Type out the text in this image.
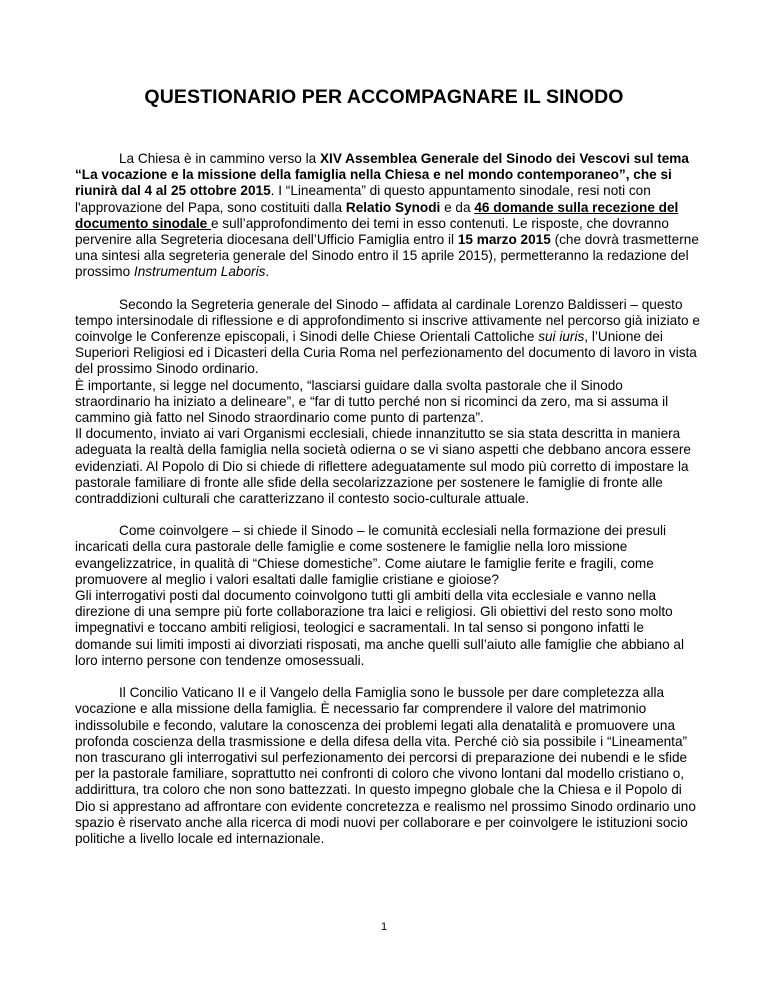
QUESTIONARIO PER ACCOMPAGNARE IL SINODO

La Chiesa è in cammino verso la XIV Assemblea Generale del Sinodo dei Vescovi sul tema “La vocazione e la missione della famiglia nella Chiesa e nel mondo contemporaneo”, che si riunirà dal 4 al 25 ottobre 2015. I “Lineamenta” di questo appuntamento sinodale, resi noti con l'approvazione del Papa, sono costituiti dalla Relatio Synodi e da 46 domande sulla recezione del documento sinodale e sull’approfondimento dei temi in esso contenuti. Le risposte, che dovranno pervenire alla Segreteria diocesana dell’Ufficio Famiglia entro il 15 marzo 2015 (che dovrà trasmetterne una sintesi alla segreteria generale del Sinodo entro il 15 aprile 2015), permetteranno la redazione del prossimo Instrumentum Laboris.

Secondo la Segreteria generale del Sinodo – affidata al cardinale Lorenzo Baldisseri – questo tempo intersinodale di riflessione e di approfondimento si inscrive attivamente nel percorso già iniziato e coinvolge le Conferenze episcopali, i Sinodi delle Chiese Orientali Cattoliche sui iuris, l’Unione dei Superiori Religiosi ed i Dicasteri della Curia Roma nel perfezionamento del documento di lavoro in vista del prossimo Sinodo ordinario.

È importante, si legge nel documento, “lasciarsi guidare dalla svolta pastorale che il Sinodo straordinario ha iniziato a delineare”, e “far di tutto perché non si ricominci da zero, ma si assuma il cammino già fatto nel Sinodo straordinario come punto di partenza”.

Il documento, inviato ai vari Organismi ecclesiali, chiede innanzitutto se sia stata descritta in maniera adeguata la realtà della famiglia nella società odierna o se vi siano aspetti che debbano ancora essere evidenziati. Al Popolo di Dio si chiede di riflettere adeguatamente sul modo più corretto di impostare la pastorale familiare di fronte alle sfide della secolarizzazione per sostenere le famiglie di fronte alle contraddizioni culturali che caratterizzano il contesto socio-culturale attuale.

Come coinvolgere – si chiede il Sinodo – le comunità ecclesiali nella formazione dei presuli incaricati della cura pastorale delle famiglie e come sostenere le famiglie nella loro missione evangelizzatrice, in qualità di “Chiese domestiche”. Come aiutare le famiglie ferite e fragili, come promuovere al meglio i valori esaltati dalle famiglie cristiane e gioiose?

Gli interrogativi posti dal documento coinvolgono tutti gli ambiti della vita ecclesiale e vanno nella direzione di una sempre più forte collaborazione tra laici e religiosi. Gli obiettivi del resto sono molto impegnativi e toccano ambiti religiosi, teologici e sacramentali. In tal senso si pongono infatti le domande sui limiti imposti ai divorziati risposati, ma anche quelli sull’aiuto alle famiglie che abbiano al loro interno persone con tendenze omosessuali.

Il Concilio Vaticano II e il Vangelo della Famiglia sono le bussole per dare completezza alla vocazione e alla missione della famiglia. È necessario far comprendere il valore del matrimonio indissolubile e fecondo, valutare la conoscenza dei problemi legati alla denatalità e promuovere una profonda coscienza della trasmissione e della difesa della vita. Perché ciò sia possibile i “Lineamenta” non trascurano gli interrogativi sul perfezionamento dei percorsi di preparazione dei nubendi e le sfide per la pastorale familiare, soprattutto nei confronti di coloro che vivono lontani dal modello cristiano o, addirittura, tra coloro che non sono battezzati. In questo impegno globale che la Chiesa e il Popolo di Dio si apprestano ad affrontare con evidente concretezza e realismo nel prossimo Sinodo ordinario uno spazio è riservato anche alla ricerca di modi nuovi per collaborare e per coinvolgere le istituzioni socio politiche a livello locale ed internazionale.

1
